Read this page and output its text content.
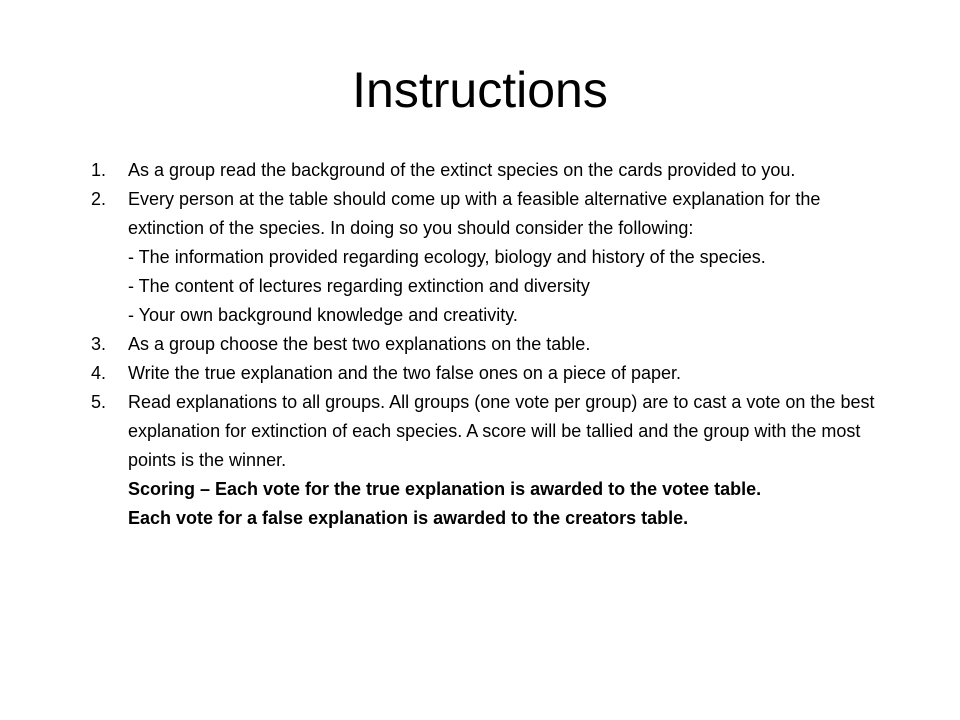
Instructions
1. As a group read the background of the extinct species on the cards provided to you.
2. Every person at the table should come up with a feasible alternative explanation for the extinction of the species. In doing so you should consider the following:
- The information provided regarding ecology, biology and history of the species.
- The content of lectures regarding extinction and diversity
- Your own background knowledge and creativity.
3. As a group choose the best two explanations on the table.
4. Write the true explanation and the two false ones on a piece of paper.
5. Read explanations to all groups. All groups (one vote per group) are to cast a vote on the best explanation for extinction of each species. A score will be tallied and the group with the most points is the winner.
Scoring – Each vote for the true explanation is awarded to the votee table.
Each vote for a false explanation is awarded to the creators table.
